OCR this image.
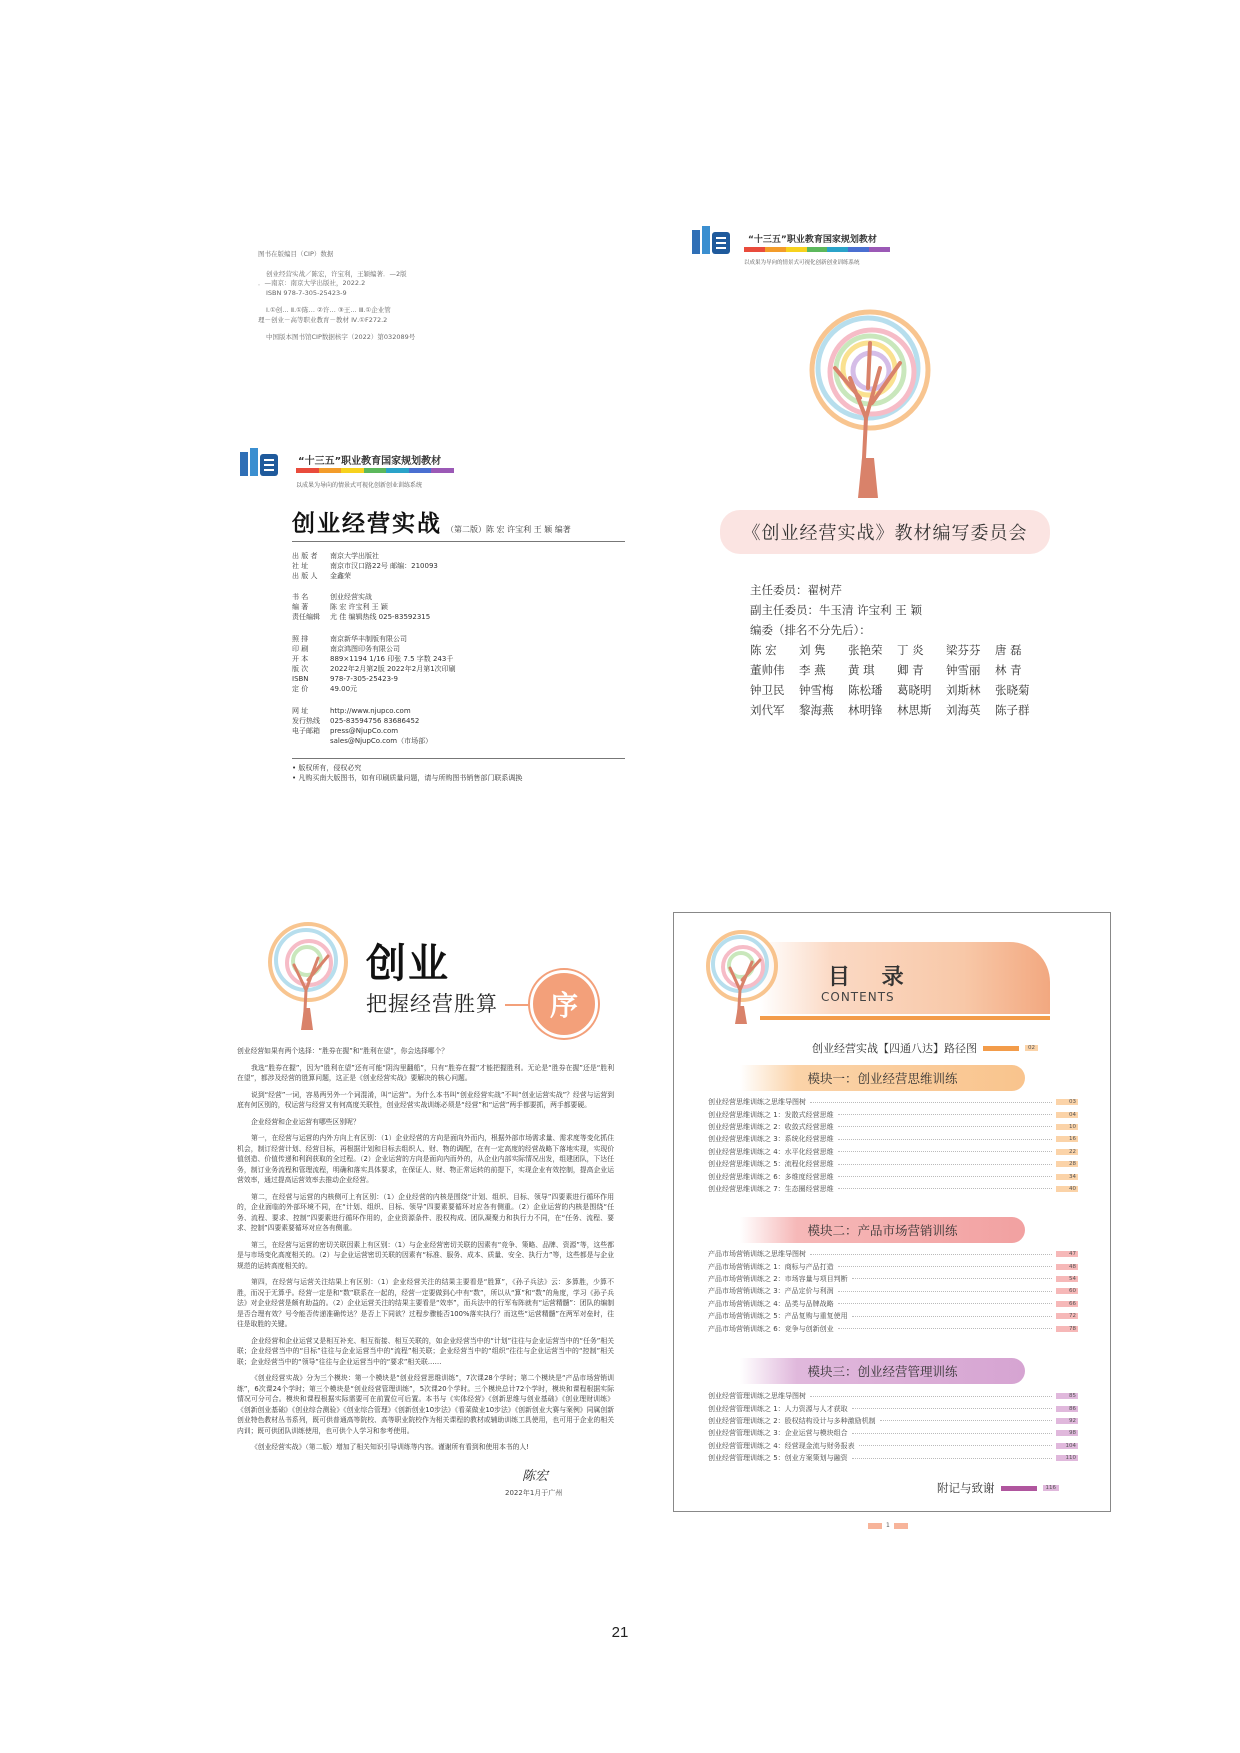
图书在版编目（CIP）数据
创业经营实战／陈宏，许宝利，王颖编著．—2版
．—南京：南京大学出版社，2022.2
ISBN 978-7-305-25423-9
Ⅰ.①创… Ⅱ.①陈… ②许… ③王… Ⅲ.①企业管
理－创业－高等职业教育－教材 Ⅳ.①F272.2
中国版本图书馆CIP数据核字（2022）第032089号
“十三五”职业教育国家规划教材
以成果为导向的情景式可视化创新创业训练系统
创业经营实战 （第二版）陈 宏 许宝利 王 颖 编著
出 版 者	南京大学出版社
社 址	南京市汉口路22号 邮编：210093
出 版 人	金鑫荣
书 名	创业经营实战
编 著	陈 宏 许宝利 王 颖
责任编辑	尤 佳 编辑热线 025-83592315
照 排	南京新华丰制版有限公司
印 刷	南京鸿图印务有限公司
开 本	889×1194 1/16 印张 7.5 字数 243千
版 次	2022年2月第2版 2022年2月第1次印刷
ISBN	978-7-305-25423-9
定 价	49.00元
网 址	http://www.njupco.com
发行热线	025-83594756 83686452
电子邮箱	press@NjupCo.com
sales@NjupCo.com（市场部）
• 版权所有，侵权必究
• 凡购买南大版图书，如有印刷质量问题，请与所购图书销售部门联系调换
“十三五”职业教育国家规划教材
以成果为导向的情景式可视化创新创业训练系统
《创业经营实战》教材编写委员会
主任委员：翟树芹
副主任委员：牛玉清 许宝利 王 颖
编委（排名不分先后）：
陈 宏	刘 隽	张艳荣	丁 炎	梁芬芬	唐 磊
董帅伟	李 燕	黄 琪	卿 青	钟雪丽	林 青
钟卫民	钟雪梅	陈松璠	葛晓明	刘斯林	张晓菊
刘代军	黎海燕	林明锋	林思斯	刘海英	陈子群
创业
把握经营胜算	序
创业经营如果有两个选择：“胜券在握”和“胜利在望”，你会选择哪个？
我选“胜券在握”，因为“胜利在望”还有可能“阴沟里翻船”，只有“胜券在握”才能把握胜利。无论是“胜券在握”还是“胜利在望”，都涉及经营的胜算问题，这正是《创业经营实战》要解决的核心问题。
说到“经营”一词，容易两另外一个词混淆，叫“运营”。为什么本书叫“创业经营实战”不叫“创业运营实战”？经营与运营到底有何区别的，权运营与经营又有何高度关联性，创业经营实战训练必须是“经营”和“运营”两手都要抓，两手都要硬。
企业经营和企业运营有哪些区别呢？
第一，在经营与运营的内外方向上有区别：（1）企业经营的方向是面向外而内，根据外部市场需求量、需求度等变化抓住机会，制订经营计划、经营目标，再根据计划和目标去组织人、财、物的调配，在有一定高度的经营战略下落地实现，实现价值创造、价值传递和利润获取的全过程。（2）企业运营的方向是面向内而外的，从企业内部实际情况出发，组建团队，下达任务，制订业务流程和管理流程，明确和落实具体要求，在保证人、财、物正常运转的前提下，实现企业有效控制，提高企业运营效率，通过提高运营效率去推动企业经营。
第二，在经营与运营的内核侧可上有区别：（1）企业经营的内核是围绕“计划、组织、目标、领导”四要素进行循环作用的，企业面临的外部环境不同，在“计划、组织、目标、领导”四要素要循环对应各有侧重。（2）企业运营的内核是围绕“任务、流程、要求、控制”四要素进行循环作用的，企业资源条件、股权构成、团队凝聚力和执行力不同，在“任务、流程、要求、控制”四要素要循环对应各有侧重。
第三，在经营与运营的密切关联因素上有区别：（1）与企业经营密切关联的因素有“竞争、策略、品牌、资源”等，这些都是与市场变化高度相关的。（2）与企业运营密切关联的因素有“标准、服务、成本、质量、安全、执行力”等，这些都是与企业规范的运转高度相关的。
第四，在经营与运营关注结果上有区别：（1）企业经营关注的结果主要看是“胜算”，《孙子兵法》云：多算胜，少算不胜，而况于无算乎。经营一定是和“数”联系在一起的，经营一定要做到心中有“数”，所以从“算”和“数”的角度，学习《孙子兵法》对企业经营是颇有助益的。（2）企业运营关注的结果主要看是“效率”，而兵法中的行军布阵就有“运营精髓”：团队的编制是否合理有效？号令能否传递准确传达？是否上下同欲？过程步骤能否100%落实执行？而这些“运营精髓”在两军对垒时，往往是取胜的关键。
企业经营和企业运营又是相互补充、相互衔接、相互关联的，如企业经营当中的“计划”往往与企业运营当中的“任务”相关联；企业经营当中的“目标”往往与企业运营当中的“流程”相关联；企业经营当中的“组织”往往与企业运营当中的“控制”相关联；企业经营当中的“领导”往往与企业运营当中的“要求”相关联……
《创业经营实战》分为三个模块：第一个模块是“创业经营思维训练”，7次课28个学时；第二个模块是“产品市场营销训练”，6次课24个学时；第三个模块是“创业经营管理训练”，5次课20个学时。三个模块总计72个学时，模块和课程根据实际情况可分可合。模块和课程根据实际需要可在前置位可后置。本书与《实体经营》《创新思维与创业基础》《创业理财训练》《创新创业基础》《创业综合测验》《创业综合管理》《创新创业10步法》《看菜做业10步法》《创新创业大赛与案例》同属创新创业特色教材丛书系列，既可供普通高等院校、高等职业院校作为相关课程的教材或辅助训练工具使用，也可用于企业的相关内训；既可供团队训练使用，也可供个人学习和参考使用。
《创业经营实战》（第二版）增加了相关知识引导训练等内容。谨谢所有看到和使用本书的人!
陈宏
2022年1月于广州
目 录
CONTENTS
创业经营实战【四通八达】路径图	02
模块一：创业经营思维训练
创业经营思维训练之思维导图树	03
创业经营思维训练之 1：发散式经营思维	04
创业经营思维训练之 2：收敛式经营思维	10
创业经营思维训练之 3：系统化经营思维	16
创业经营思维训练之 4：水平化经营思维	22
创业经营思维训练之 5：流程化经营思维	28
创业经营思维训练之 6：多维度经营思维	34
创业经营思维训练之 7：生态圈经营思维	40
模块二：产品市场营销训练
产品市场营销训练之思维导图树	47
产品市场营销训练之 1：商标与产品打造	48
产品市场营销训练之 2：市场容量与项目判断	54
产品市场营销训练之 3：产品定价与利润	60
产品市场营销训练之 4：品类与品牌战略	66
产品市场营销训练之 5：产品复购与重复使用	72
产品市场营销训练之 6：竞争与创新创业	78
模块三：创业经营管理训练
创业经营管理训练之思维导图树	85
创业经营管理训练之 1：人力资源与人才获取	86
创业经营管理训练之 2：股权结构设计与多种激励机制	92
创业经营管理训练之 3：企业运营与模块组合	98
创业经营管理训练之 4：经营现金流与财务报表	104
创业经营管理训练之 5：创业方案策划与融资	110
附记与致谢	116
1
21
